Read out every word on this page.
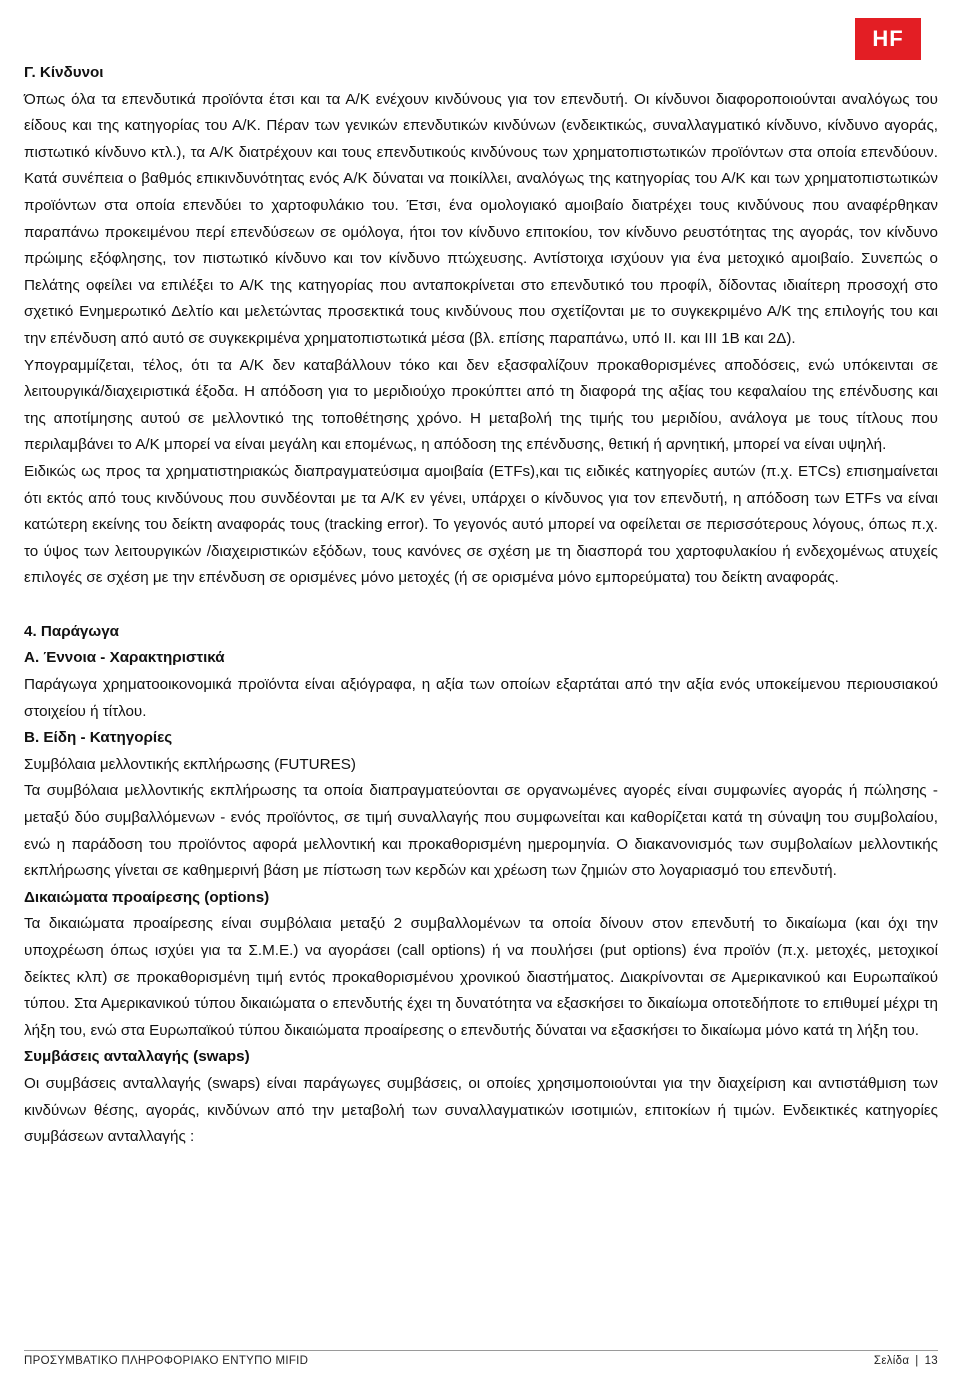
HF

Γ. Κίνδυνοι

Όπως όλα τα επενδυτικά προϊόντα έτσι και τα Α/Κ ενέχουν κινδύνους για τον επενδυτή. Οι κίνδυνοι διαφοροποιούνται αναλόγως του είδους και της κατηγορίας του Α/Κ. Πέραν των γενικών επενδυτικών κινδύνων (ενδεικτικώς, συναλλαγματικό κίνδυνο, κίνδυνο αγοράς, πιστωτικό κίνδυνο κτλ.), τα Α/Κ διατρέχουν και τους επενδυτικούς κινδύνους των χρηματοπιστωτικών προϊόντων στα οποία επενδύουν. Κατά συνέπεια ο βαθμός επικινδυνότητας ενός Α/Κ δύναται να ποικίλλει, αναλόγως της κατηγορίας του Α/Κ και των χρηματοπιστωτικών προϊόντων στα οποία επενδύει το χαρτοφυλάκιο του. Έτσι, ένα ομολογιακό αμοιβαίο διατρέχει τους κινδύνους που αναφέρθηκαν παραπάνω προκειμένου περί επενδύσεων σε ομόλογα, ήτοι τον κίνδυνο επιτοκίου, τον κίνδυνο ρευστότητας της αγοράς, τον κίνδυνο πρώιμης εξόφλησης, τον πιστωτικό κίνδυνο και τον κίνδυνο πτώχευσης. Αντίστοιχα ισχύουν για ένα μετοχικό αμοιβαίο. Συνεπώς ο Πελάτης οφείλει να επιλέξει το Α/Κ της κατηγορίας που ανταποκρίνεται στο επενδυτικό του προφίλ, δίδοντας ιδιαίτερη προσοχή στο σχετικό Ενημερωτικό Δελτίο και μελετώντας προσεκτικά τους κινδύνους που σχετίζονται με το συγκεκριμένο Α/Κ της επιλογής του και την επένδυση από αυτό σε συγκεκριμένα χρηματοπιστωτικά μέσα (βλ. επίσης παραπάνω, υπό ΙΙ. και ΙΙΙ 1Β και 2Δ).

Υπογραμμίζεται, τέλος, ότι τα Α/Κ δεν καταβάλλουν τόκο και δεν εξασφαλίζουν προκαθορισμένες αποδόσεις, ενώ υπόκεινται σε λειτουργικά/διαχειριστικά έξοδα. Η απόδοση για το μεριδιούχο προκύπτει από τη διαφορά της αξίας του κεφαλαίου της επένδυσης και της αποτίμησης αυτού σε μελλοντικό της τοποθέτησης χρόνο. Η μεταβολή της τιμής του μεριδίου, ανάλογα με τους τίτλους που περιλαμβάνει το Α/Κ μπορεί να είναι μεγάλη και επομένως, η απόδοση της επένδυσης, θετική ή αρνητική, μπορεί να είναι υψηλή.

Ειδικώς ως προς τα χρηματιστηριακώς διαπραγματεύσιμα αμοιβαία (ETFs),και τις ειδικές κατηγορίες αυτών (π.χ. ETCs) επισημαίνεται ότι εκτός από τους κινδύνους που συνδέονται με τα Α/Κ εν γένει, υπάρχει ο κίνδυνος για τον επενδυτή, η απόδοση των ETFs να είναι κατώτερη εκείνης του δείκτη αναφοράς τους (tracking error). Το γεγονός αυτό μπορεί να οφείλεται σε περισσότερους λόγους, όπως π.χ. το ύψος των λειτουργικών /διαχειριστικών εξόδων, τους κανόνες σε σχέση με τη διασπορά του χαρτοφυλακίου ή ενδεχομένως ατυχείς επιλογές σε σχέση με την επένδυση σε ορισμένες μόνο μετοχές (ή σε ορισμένα μόνο εμπορεύματα) του δείκτη αναφοράς.

4. Παράγωγα

Α. Έννοια - Χαρακτηριστικά

Παράγωγα χρηματοοικονομικά προϊόντα είναι αξιόγραφα, η αξία των οποίων εξαρτάται από την αξία ενός υποκείμενου περιουσιακού στοιχείου ή τίτλου.

Β. Είδη - Κατηγορίες

Συμβόλαια μελλοντικής εκπλήρωσης (FUTURES)

Τα συμβόλαια μελλοντικής εκπλήρωσης τα οποία διαπραγματεύονται σε οργανωμένες αγορές είναι συμφωνίες αγοράς ή πώλησης - μεταξύ δύο συμβαλλόμενων - ενός προϊόντος, σε τιμή συναλλαγής που συμφωνείται και καθορίζεται κατά τη σύναψη του συμβολαίου, ενώ η παράδοση του προϊόντος αφορά μελλοντική και προκαθορισμένη ημερομηνία. Ο διακανονισμός των συμβολαίων μελλοντικής εκπλήρωσης γίνεται σε καθημερινή βάση με πίστωση των κερδών και χρέωση των ζημιών στο λογαριασμό του επενδυτή.

Δικαιώματα προαίρεσης (options)

Τα δικαιώματα προαίρεσης είναι συμβόλαια μεταξύ 2 συμβαλλομένων τα οποία δίνουν στον επενδυτή το δικαίωμα (και όχι την υποχρέωση όπως ισχύει για τα Σ.Μ.Ε.) να αγοράσει (call options) ή να πουλήσει (put options) ένα προϊόν (π.χ. μετοχές, μετοχικοί δείκτες κλπ) σε προκαθορισμένη τιμή εντός προκαθορισμένου χρονικού διαστήματος. Διακρίνονται σε Αμερικανικού και Ευρωπαϊκού τύπου. Στα Αμερικανικού τύπου δικαιώματα ο επενδυτής έχει τη δυνατότητα να εξασκήσει το δικαίωμα οποτεδήποτε το επιθυμεί μέχρι τη λήξη του, ενώ στα Ευρωπαϊκού τύπου δικαιώματα προαίρεσης ο επενδυτής δύναται να εξασκήσει το δικαίωμα μόνο κατά τη λήξη του.

Συμβάσεις ανταλλαγής (swaps)

Οι συμβάσεις ανταλλαγής (swaps) είναι παράγωγες συμβάσεις, οι οποίες χρησιμοποιούνται για την διαχείριση και αντιστάθμιση των κινδύνων θέσης, αγοράς, κινδύνων από την μεταβολή των συναλλαγματικών ισοτιμιών, επιτοκίων ή τιμών. Ενδεικτικές κατηγορίες συμβάσεων ανταλλαγής :

ΠΡΟΣΥΜΒΑΤΙΚΟ ΠΛΗΡΟΦΟΡΙΑΚΟ ΕΝΤΥΠΟ MIFID	Σελίδα | 13
